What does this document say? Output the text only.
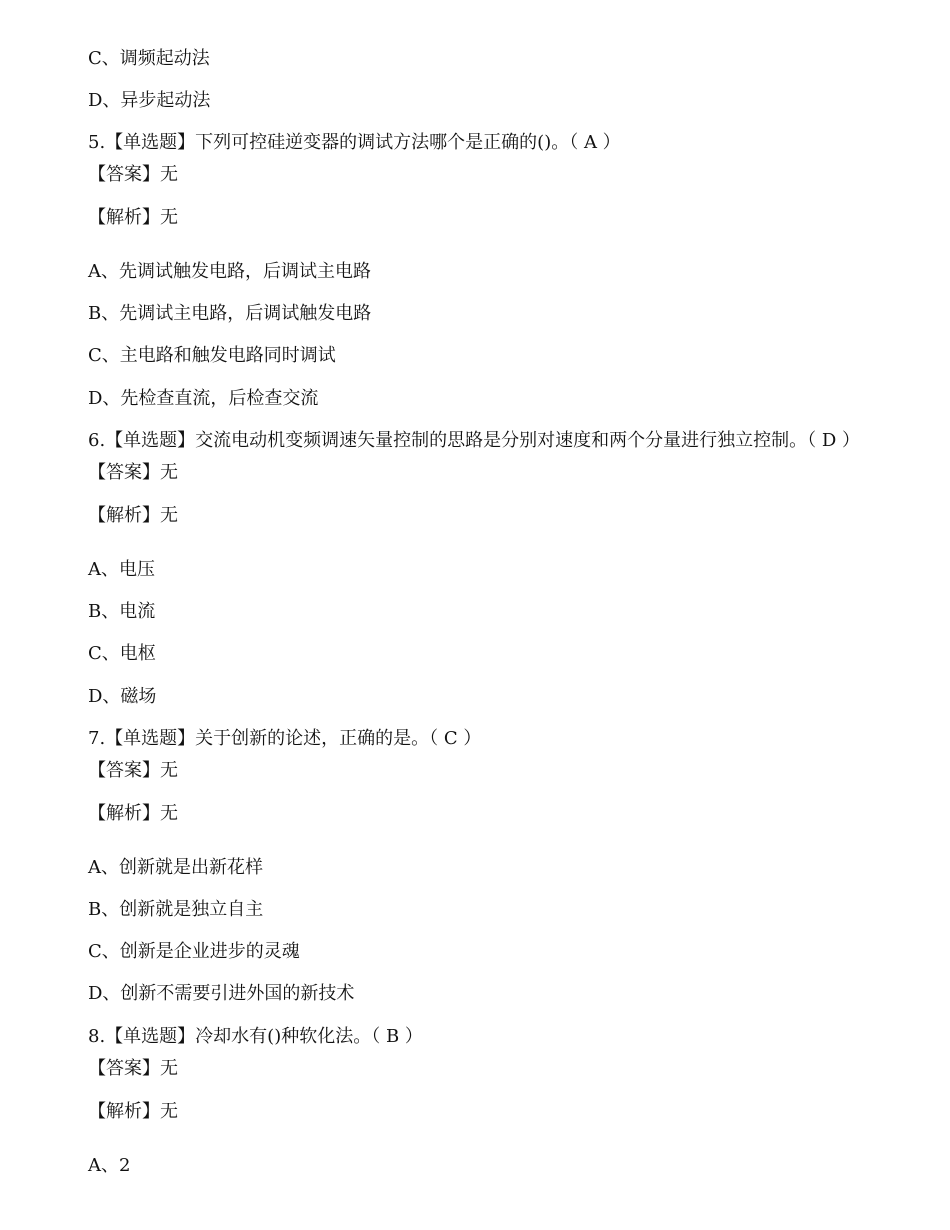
C、调频起动法
D、异步起动法
5.【单选题】下列可控硅逆变器的调试方法哪个是正确的()。（ A ）
【答案】无
【解析】无
A、先调试触发电路，后调试主电路
B、先调试主电路，后调试触发电路
C、主电路和触发电路同时调试
D、先检查直流，后检查交流
6.【单选题】交流电动机变频调速矢量控制的思路是分别对速度和两个分量进行独立控制。（ D ）
【答案】无
【解析】无
A、电压
B、电流
C、电枢
D、磁场
7.【单选题】关于创新的论述，正确的是。（ C ）
【答案】无
【解析】无
A、创新就是出新花样
B、创新就是独立自主
C、创新是企业进步的灵魂
D、创新不需要引进外国的新技术
8.【单选题】冷却水有()种软化法。（ B ）
【答案】无
【解析】无
A、2
